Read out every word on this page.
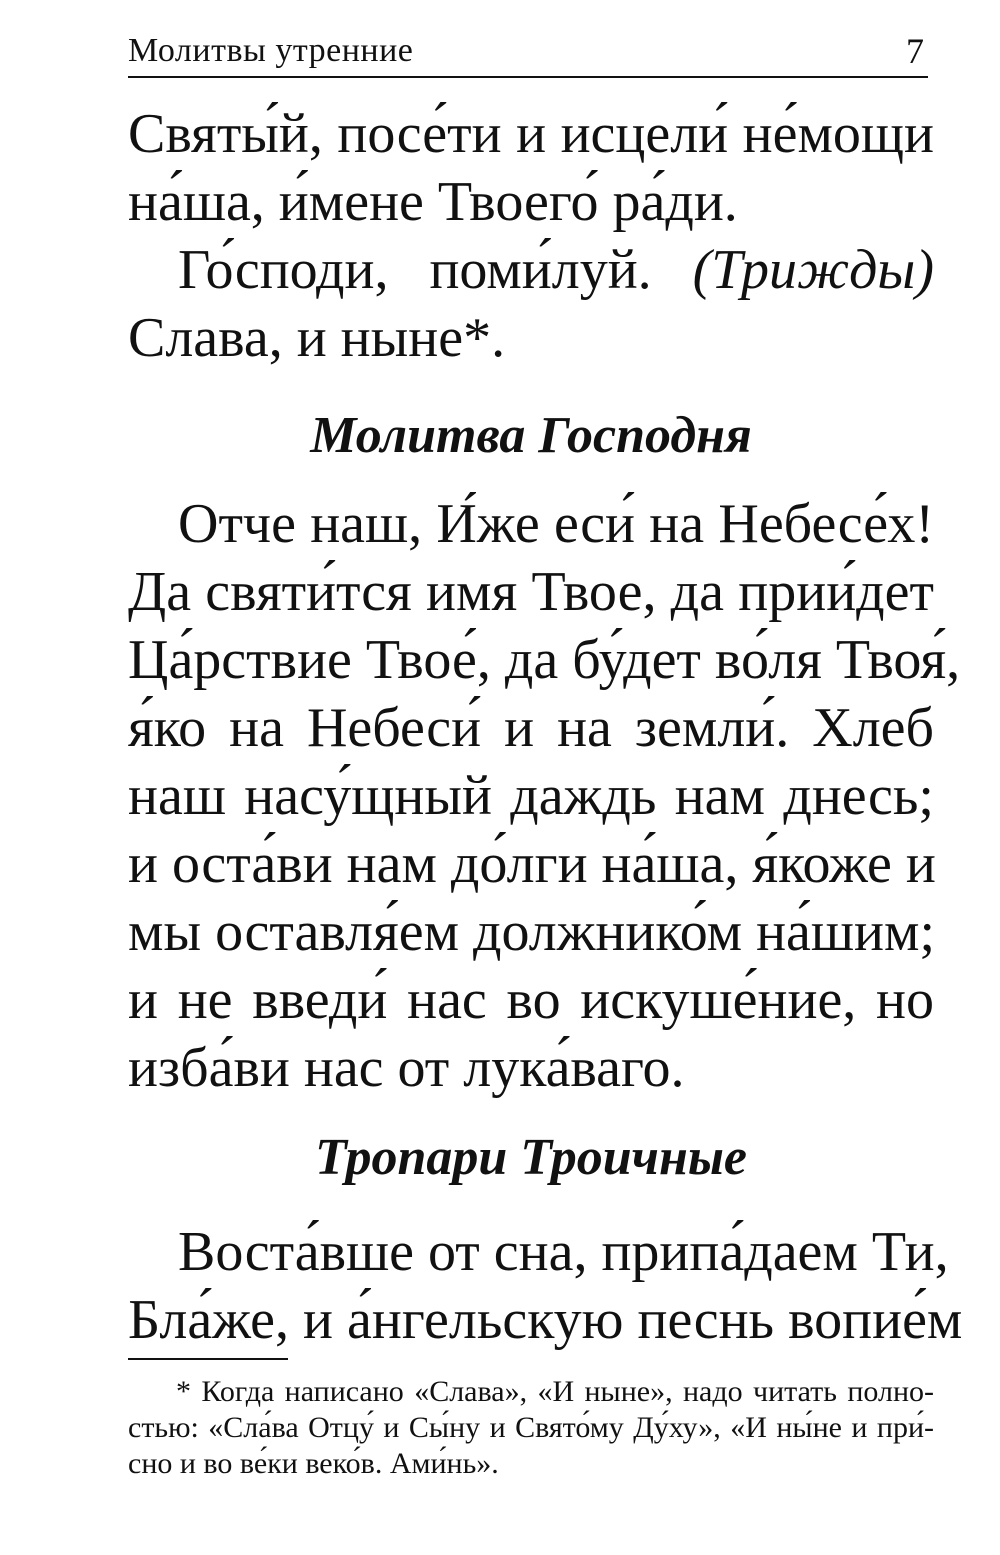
Молитвы утренние	7
Святы́й, посе́ти и исцели́ не́мощи
на́ша, и́мене Твоего́ ра́ди.
Го́споди, поми́луй. (Трижды)
Слава, и ныне*.
Молитва Господня
Отче наш, И́же еси́ на Небесе́х!
Да святи́тся имя Твое, да прии́дет
Ца́рствие Твое́, да бу́дет во́ля Твоя́,
я́ко на Небеси́ и на земли́. Хлеб
наш насу́щный даждь нам днесь;
и оста́ви нам до́лги на́ша, я́коже и
мы оставля́ем должнико́м на́шим;
и не введи́ нас во искуше́ние, но
изба́ви нас от лука́ваго.
Тропари Троичные
Воста́вше от сна, припа́даем Ти,
Бла́же, и а́нгельскую песнь вопие́м
* Когда написано «Слава», «И ныне», надо читать полно-
стью: «Сла́ва Отцу́ и Сы́ну и Свято́му Ду́ху», «И ны́не и при́-
сно и во ве́ки веко́в. Ами́нь».
